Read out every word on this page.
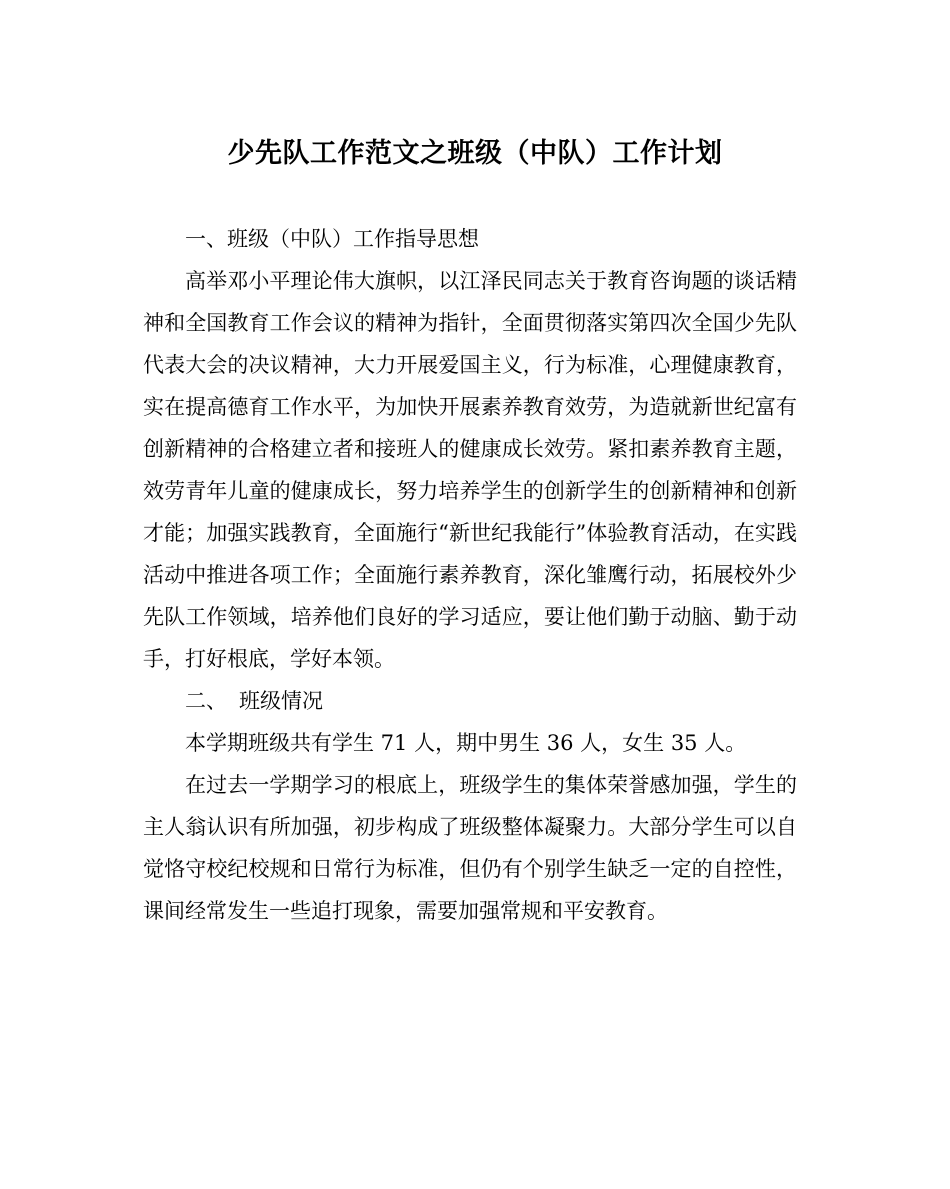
少先队工作范文之班级（中队）工作计划

一、班级（中队）工作指导思想

高举邓小平理论伟大旗帜，以江泽民同志关于教育咨询题的谈话精神和全国教育工作会议的精神为指针，全面贯彻落实第四次全国少先队代表大会的决议精神，大力开展爱国主义，行为标准，心理健康教育，实在提高德育工作水平，为加快开展素养教育效劳，为造就新世纪富有创新精神的合格建立者和接班人的健康成长效劳。紧扣素养教育主题，效劳青年儿童的健康成长，努力培养学生的创新学生的创新精神和创新才能；加强实践教育，全面施行“新世纪我能行”体验教育活动，在实践活动中推进各项工作；全面施行素养教育，深化雏鹰行动，拓展校外少先队工作领域，培养他们良好的学习适应，要让他们勤于动脑、勤于动手，打好根底，学好本领。

二、 班级情况

本学期班级共有学生 71 人，期中男生 36 人，女生 35 人。

在过去一学期学习的根底上，班级学生的集体荣誉感加强，学生的主人翁认识有所加强，初步构成了班级整体凝聚力。大部分学生可以自觉恪守校纪校规和日常行为标准，但仍有个别学生缺乏一定的自控性，课间经常发生一些追打现象，需要加强常规和平安教育。
